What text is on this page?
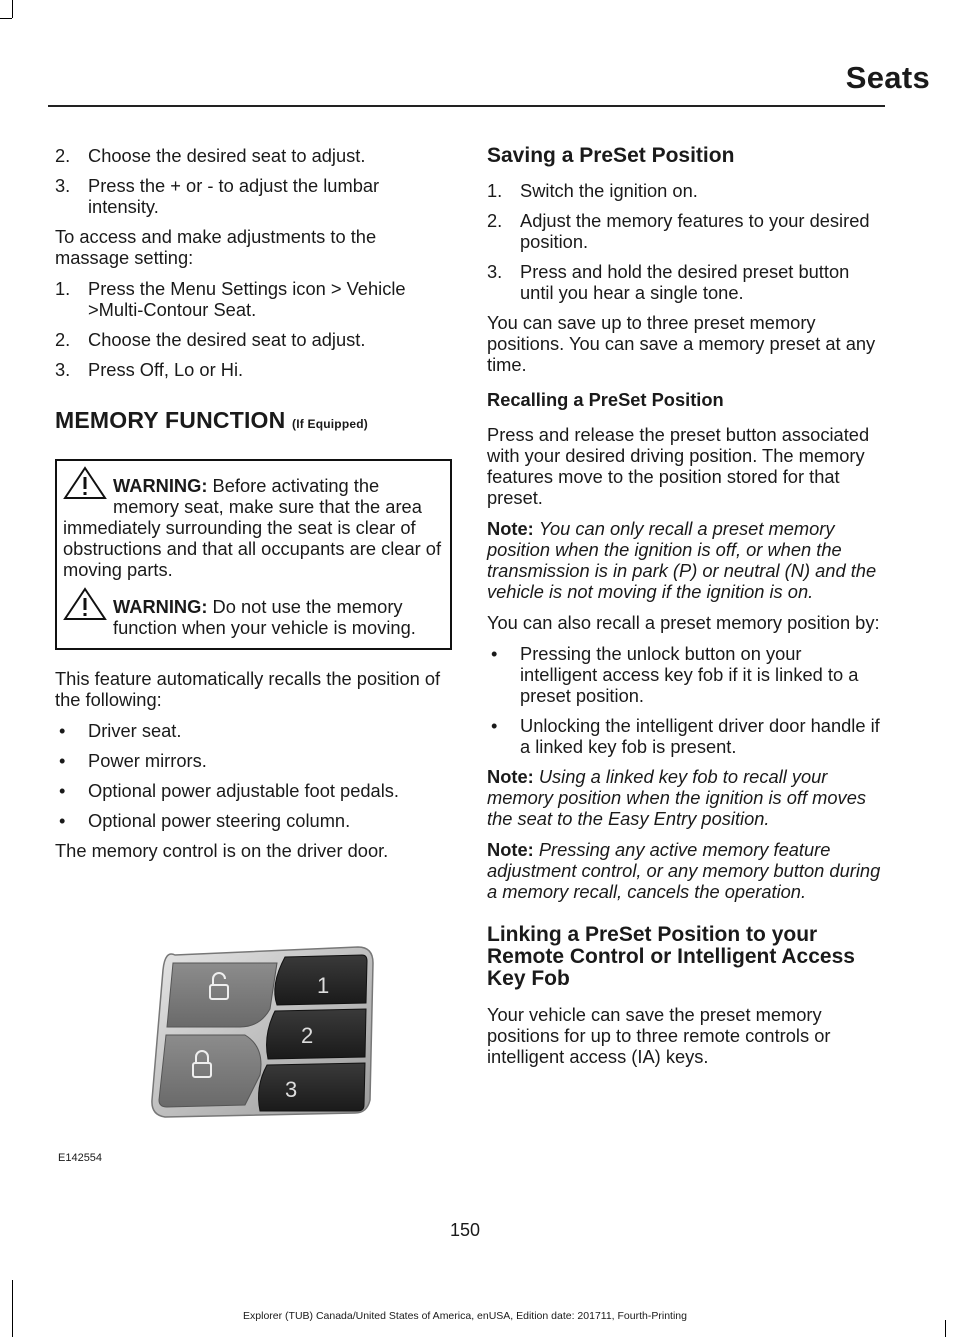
Seats
2. Choose the desired seat to adjust.
3. Press the + or - to adjust the lumbar intensity.
To access and make adjustments to the massage setting:
1. Press the Menu Settings icon > Vehicle >Multi-Contour Seat.
2. Choose the desired seat to adjust.
3. Press Off, Lo or Hi.
MEMORY FUNCTION (If Equipped)
WARNING: Before activating the memory seat, make sure that the area immediately surrounding the seat is clear of obstructions and that all occupants are clear of moving parts.
WARNING: Do not use the memory function when your vehicle is moving.
This feature automatically recalls the position of the following:
• Driver seat.
• Power mirrors.
• Optional power adjustable foot pedals.
• Optional power steering column.
The memory control is on the driver door.
1
2
3
E142554
Saving a PreSet Position
1. Switch the ignition on.
2. Adjust the memory features to your desired position.
3. Press and hold the desired preset button until you hear a single tone.
You can save up to three preset memory positions. You can save a memory preset at any time.
Recalling a PreSet Position
Press and release the preset button associated with your desired driving position. The memory features move to the position stored for that preset.
Note: You can only recall a preset memory position when the ignition is off, or when the transmission is in park (P) or neutral (N) and the vehicle is not moving if the ignition is on.
You can also recall a preset memory position by:
• Pressing the unlock button on your intelligent access key fob if it is linked to a preset position.
• Unlocking the intelligent driver door handle if a linked key fob is present.
Note: Using a linked key fob to recall your memory position when the ignition is off moves the seat to the Easy Entry position.
Note: Pressing any active memory feature adjustment control, or any memory button during a memory recall, cancels the operation.
Linking a PreSet Position to your Remote Control or Intelligent Access Key Fob
Your vehicle can save the preset memory positions for up to three remote controls or intelligent access (IA) keys.
150
Explorer (TUB) Canada/United States of America, enUSA, Edition date: 201711, Fourth-Printing
